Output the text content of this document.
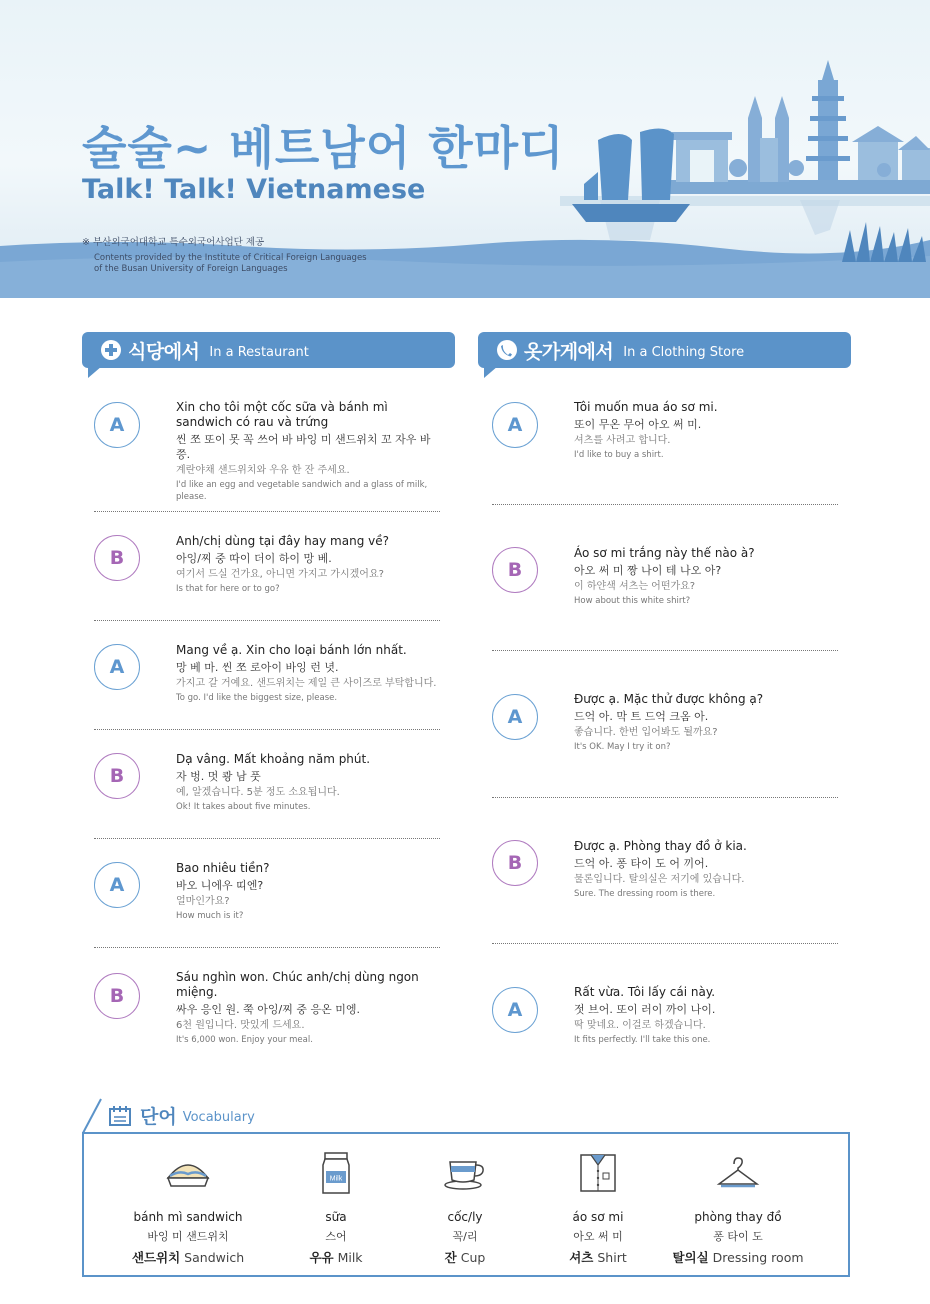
술술~ 베트남어 한마디
Talk! Talk! Vietnamese
※ 부산외국어대학교 특수외국어사업단 제공
Contents provided by the Institute of Critical Foreign Languages
of the Busan University of Foreign Languages
식당에서 In a Restaurant	옷가게에서 In a Clothing Store
A
Xin cho tôi một cốc sữa và bánh mì sandwich có rau và trứng
씬 쪼 또이 못 꼭 쓰어 바 바잉 미 샌드위치 꼬 자우 바 쯩.
계란야채 샌드위치와 우유 한 잔 주세요.
I'd like an egg and vegetable sandwich and a glass of milk, please.
B
Anh/chị dùng tại đây hay mang về?
아잉/찌 중 따이 더이 하이 망 베.
여기서 드실 건가요, 아니면 가지고 가시겠어요?
Is that for here or to go?
A
Mang về ạ. Xin cho loại bánh lớn nhất.
망 베 마. 씬 쪼 로아이 바잉 런 녓.
가지고 갈 거예요. 샌드위치는 제일 큰 사이즈로 부탁합니다.
To go. I'd like the biggest size, please.
B
Dạ vâng. Mất khoảng năm phút.
자 벙. 멋 쾅 남 풋
예, 알겠습니다. 5분 정도 소요됩니다.
Ok! It takes about five minutes.
A
Bao nhiêu tiền?
바오 니에우 띠엔?
얼마인가요?
How much is it?
B
Sáu nghìn won. Chúc anh/chị dùng ngon miệng.
싸우 응인 원. 쭉 아잉/찌 중 응온 미엥.
6천 원입니다. 맛있게 드세요.
It's 6,000 won. Enjoy your meal.
A
Tôi muốn mua áo sơ mi.
또이 무온 무어 아오 써 미.
셔츠를 사려고 합니다.
I'd like to buy a shirt.
B
Áo sơ mi trắng này thế nào à?
아오 써 미 짱 나이 테 나오 아?
이 하얀색 셔츠는 어떤가요?
How about this white shirt?
A
Được ạ. Mặc thử được không ạ?
드억 아. 막 트 드억 크옴 아.
좋습니다. 한번 입어봐도 될까요?
It's OK. May I try it on?
B
Được ạ. Phòng thay đồ ở kia.
드억 아. 퐁 타이 도 어 끼어.
물론입니다. 탈의실은 저기에 있습니다.
Sure. The dressing room is there.
A
Rất vừa. Tôi lấy cái này.
젓 브어. 또이 러이 까이 나이.
딱 맞네요. 이걸로 하겠습니다.
It fits perfectly. I'll take this one.
단어 Vocabulary
bánh mì sandwich
바잉 미 샌드위치
샌드위치 Sandwich
Milk
sữa
스어
우유 Milk
cốc/ly
꼭/리
잔 Cup
áo sơ mi
아오 써 미
셔츠 Shirt
phòng thay đồ
퐁 타이 도
탈의실 Dressing room
